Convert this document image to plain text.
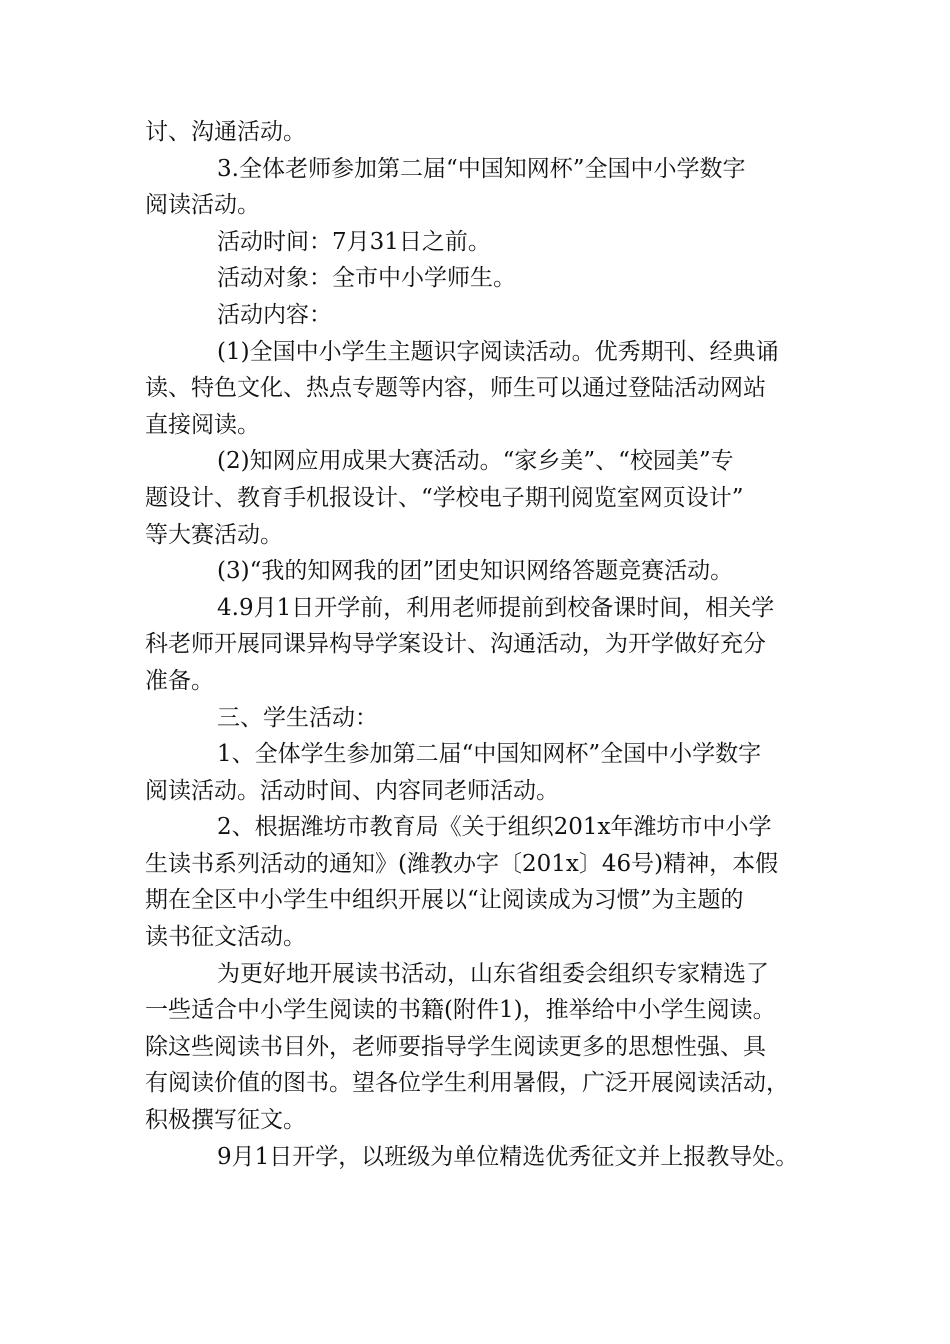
讨、沟通活动。
3.全体老师参加第二届“中国知网杯”全国中小学数字
阅读活动。
活动时间：7月31日之前。
活动对象：全市中小学师生。
活动内容：
(1)全国中小学生主题识字阅读活动。优秀期刊、经典诵
读、特色文化、热点专题等内容，师生可以通过登陆活动网站
直接阅读。
(2)知网应用成果大赛活动。“家乡美”、“校园美”专
题设计、教育手机报设计、“学校电子期刊阅览室网页设计”
等大赛活动。
(3)“我的知网我的团”团史知识网络答题竞赛活动。
4.9月1日开学前，利用老师提前到校备课时间，相关学
科老师开展同课异构导学案设计、沟通活动，为开学做好充分
准备。
三、学生活动：
1、全体学生参加第二届“中国知网杯”全国中小学数字
阅读活动。活动时间、内容同老师活动。
2、根据潍坊市教育局《关于组织201x年潍坊市中小学
生读书系列活动的通知》(潍教办字〔201x〕46号)精神，本假
期在全区中小学生中组织开展以“让阅读成为习惯”为主题的
读书征文活动。
为更好地开展读书活动，山东省组委会组织专家精选了
一些适合中小学生阅读的书籍(附件1)，推举给中小学生阅读。
除这些阅读书目外，老师要指导学生阅读更多的思想性强、具
有阅读价值的图书。望各位学生利用暑假，广泛开展阅读活动，
积极撰写征文。
9月1日开学，以班级为单位精选优秀征文并上报教导处。
